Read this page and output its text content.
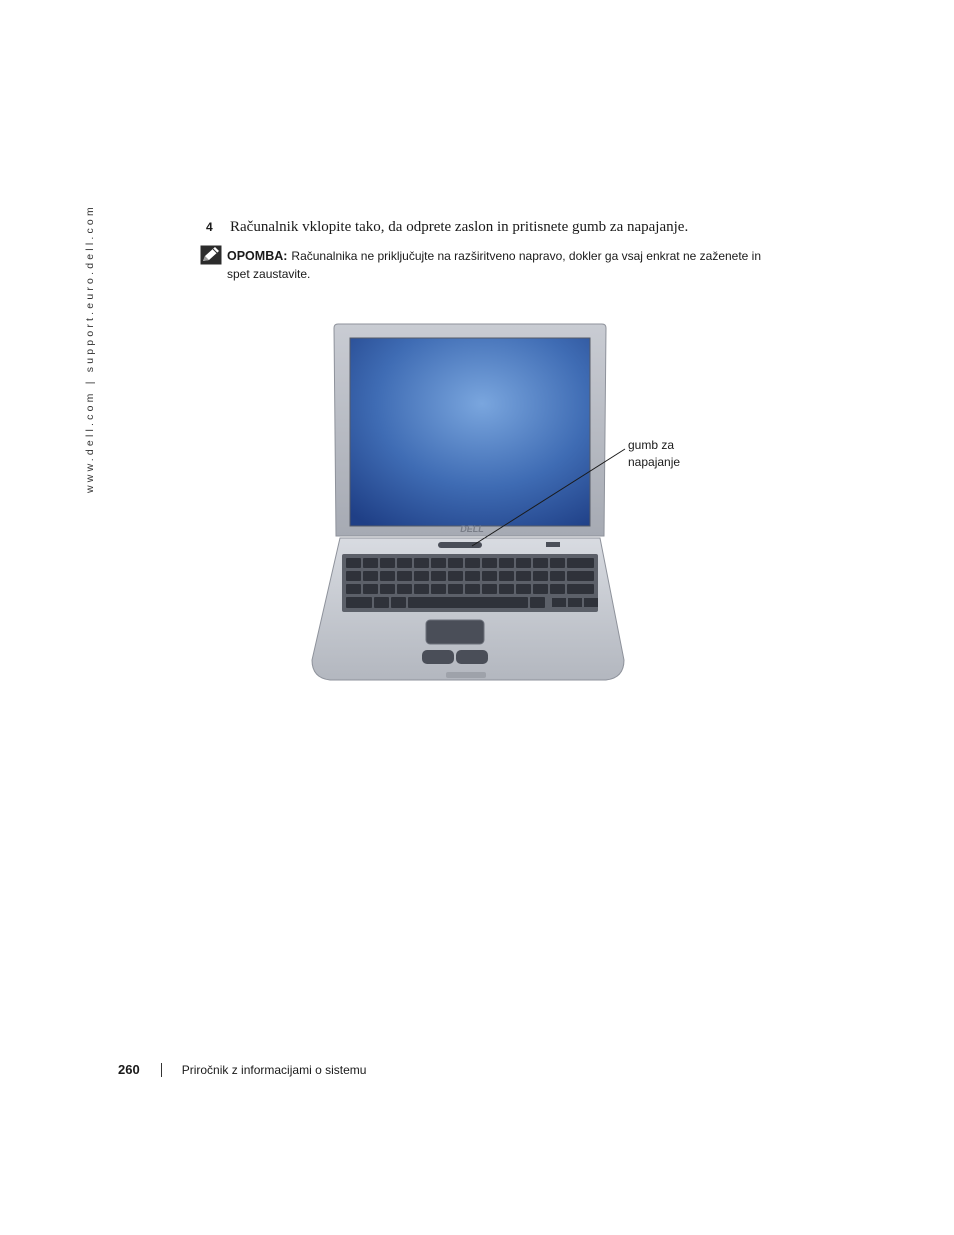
www.dell.com | support.euro.dell.com	4	Računalnik vklopite tako, da odprete zaslon in pritisnete gumb za napajanje.
OPOMBA: Računalnika ne priključujte na razširitveno napravo, dokler ga vsaj enkrat ne zaženete in spet zaustavite.
DELL
gumb za
napajanje
260	Priročnik z informacijami o sistemu
